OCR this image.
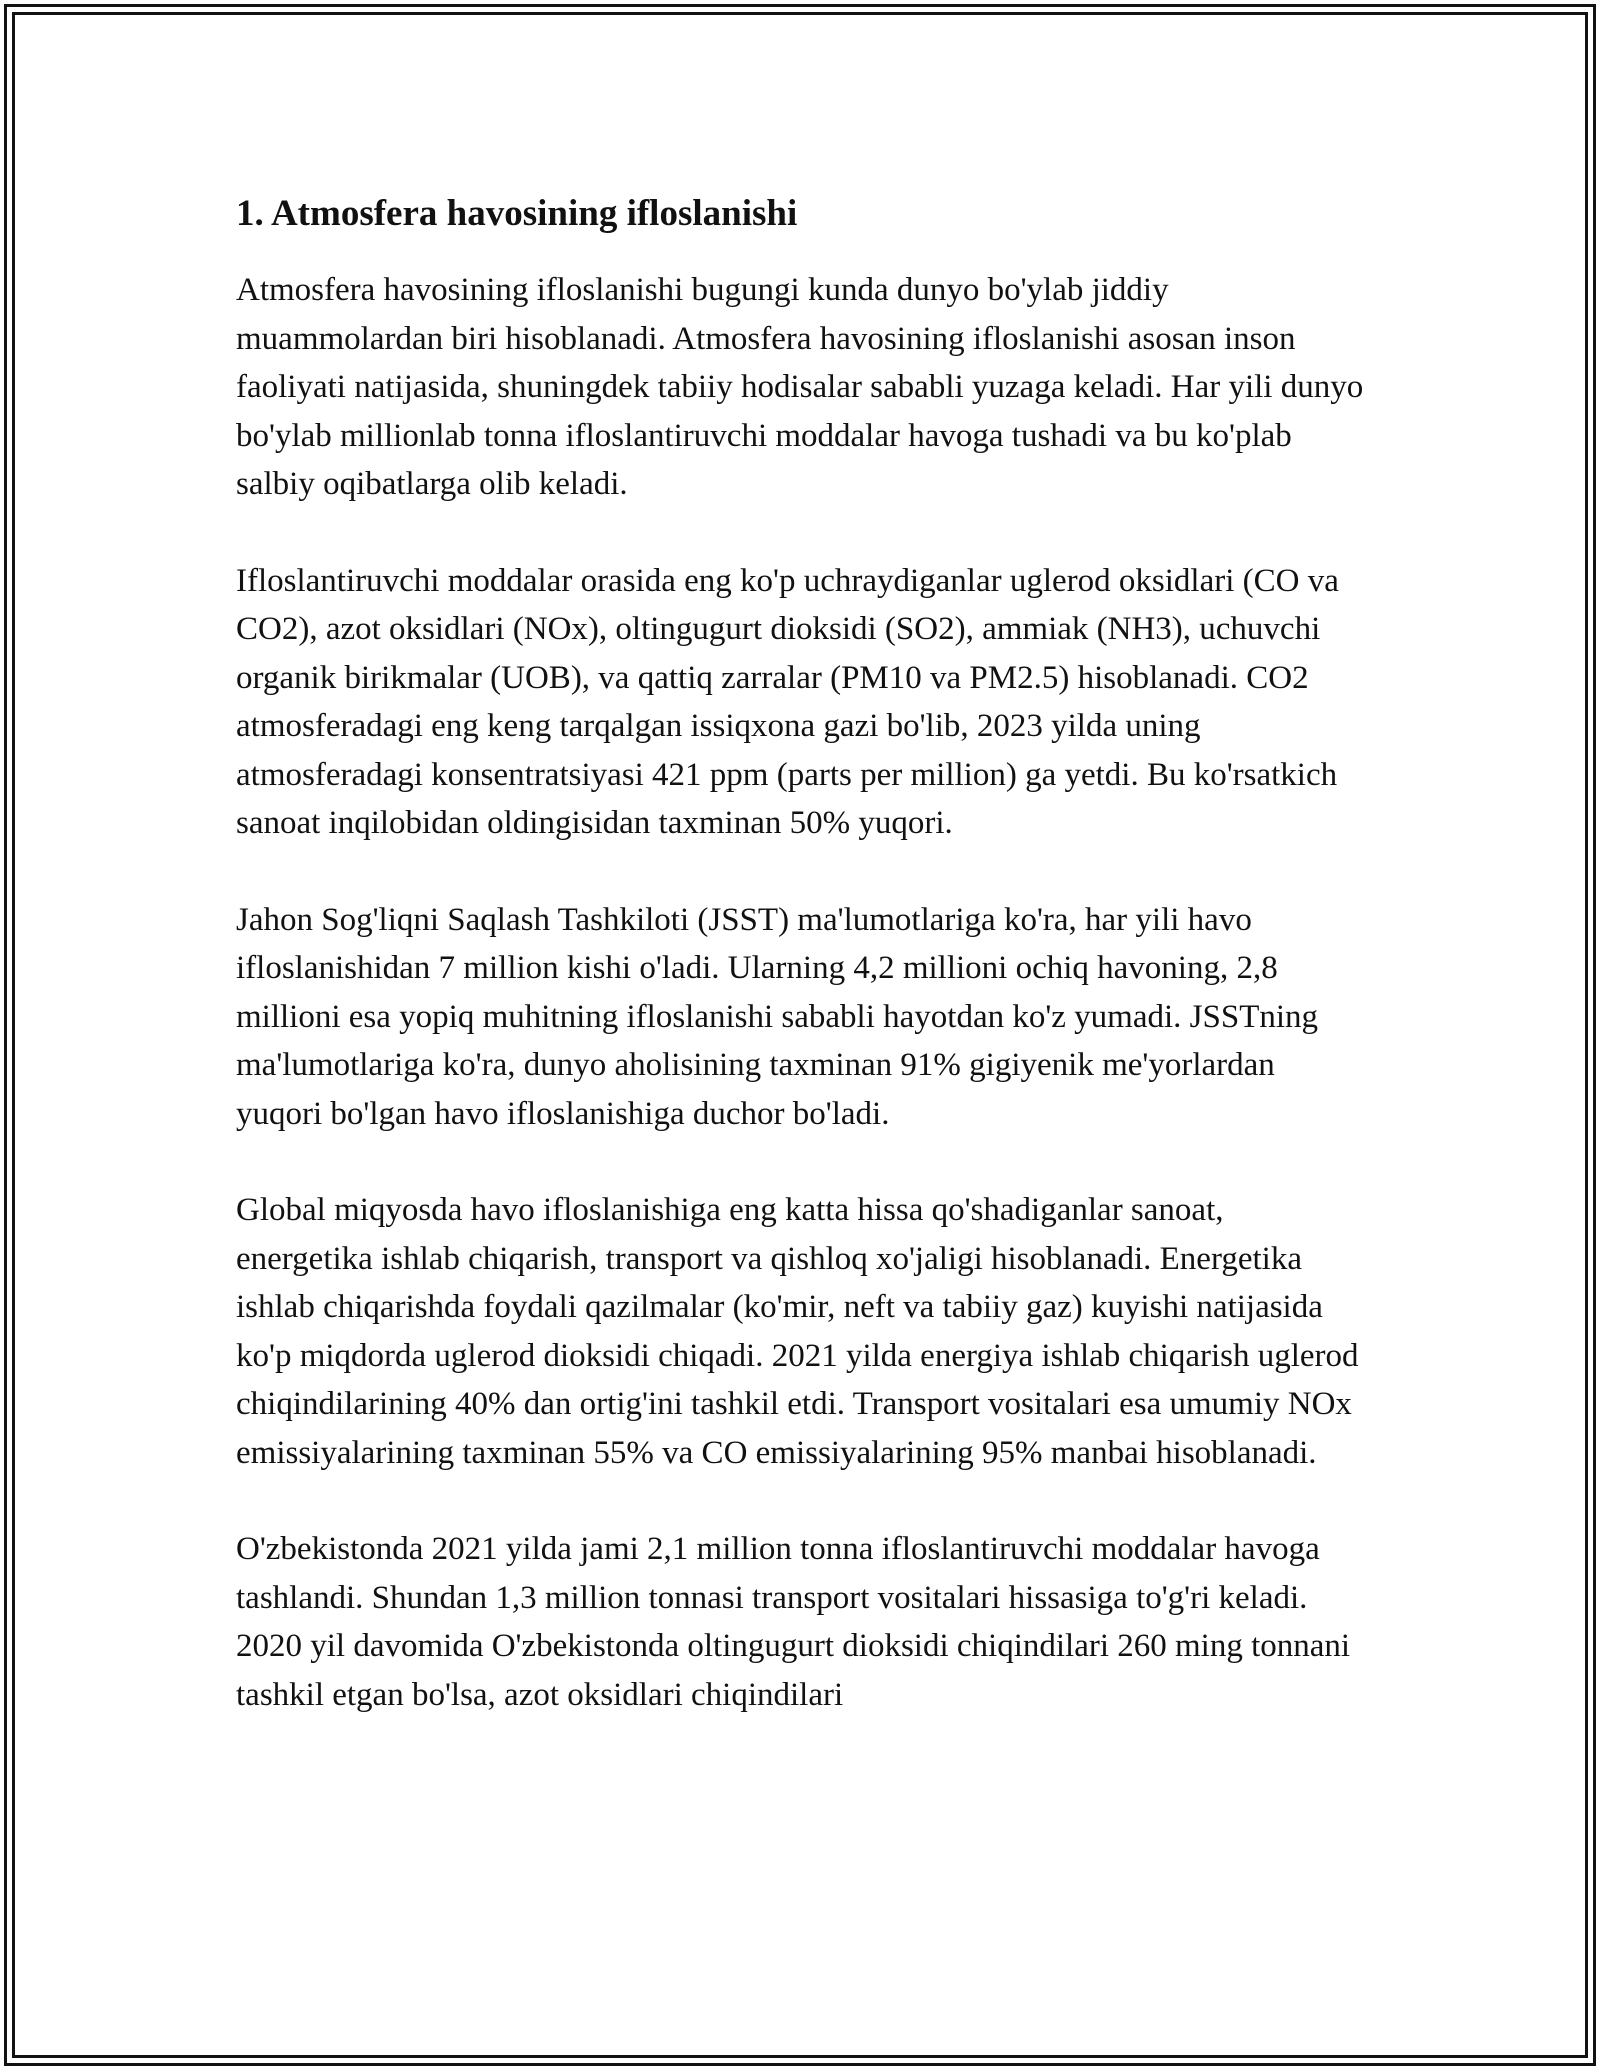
1. Atmosfera havosining ifloslanishi

Atmosfera havosining ifloslanishi bugungi kunda dunyo bo'ylab jiddiy muammolardan biri hisoblanadi. Atmosfera havosining ifloslanishi asosan inson faoliyati natijasida, shuningdek tabiiy hodisalar sababli yuzaga keladi. Har yili dunyo bo'ylab millionlab tonna ifloslantiruvchi moddalar havoga tushadi va bu ko'plab salbiy oqibatlarga olib keladi.

Ifloslantiruvchi moddalar orasida eng ko'p uchraydiganlar uglerod oksidlari (CO va CO2), azot oksidlari (NOx), oltingugurt dioksidi (SO2), ammiak (NH3), uchuvchi organik birikmalar (UOB), va qattiq zarralar (PM10 va PM2.5) hisoblanadi. CO2 atmosferadagi eng keng tarqalgan issiqxona gazi bo'lib, 2023 yilda uning atmosferadagi konsentratsiyasi 421 ppm (parts per million) ga yetdi. Bu ko'rsatkich sanoat inqilobidan oldingisidan taxminan 50% yuqori.

Jahon Sog'liqni Saqlash Tashkiloti (JSST) ma'lumotlariga ko'ra, har yili havo ifloslanishidan 7 million kishi o'ladi. Ularning 4,2 millioni ochiq havoning, 2,8 millioni esa yopiq muhitning ifloslanishi sababli hayotdan ko'z yumadi. JSSTning ma'lumotlariga ko'ra, dunyo aholisining taxminan 91% gigiyenik me'yorlardan yuqori bo'lgan havo ifloslanishiga duchor bo'ladi.

Global miqyosda havo ifloslanishiga eng katta hissa qo'shadiganlar sanoat, energetika ishlab chiqarish, transport va qishloq xo'jaligi hisoblanadi. Energetika ishlab chiqarishda foydali qazilmalar (ko'mir, neft va tabiiy gaz) kuyishi natijasida ko'p miqdorda uglerod dioksidi chiqadi. 2021 yilda energiya ishlab chiqarish uglerod chiqindilarining 40% dan ortig'ini tashkil etdi. Transport vositalari esa umumiy NOx emissiyalarining taxminan 55% va CO emissiyalarining 95% manbai hisoblanadi.

O'zbekistonda 2021 yilda jami 2,1 million tonna ifloslantiruvchi moddalar havoga tashlandi. Shundan 1,3 million tonnasi transport vositalari hissasiga to'g'ri keladi. 2020 yil davomida O'zbekistonda oltingugurt dioksidi chiqindilari 260 ming tonnani tashkil etgan bo'lsa, azot oksidlari chiqindilari
